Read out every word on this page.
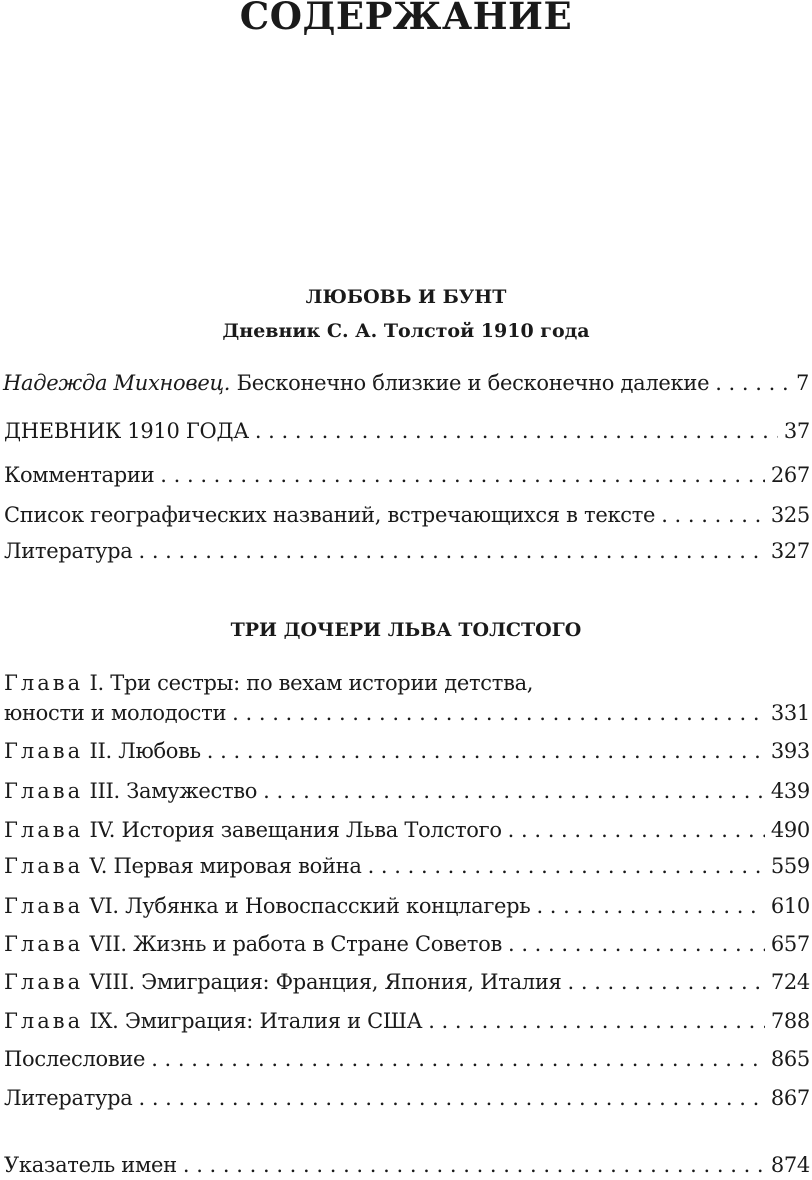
СОДЕРЖАНИЕ
ЛЮБОВЬ И БУНТ
Дневник С. А. Толстой 1910 года
Надежда Михновец. Бесконечно близкие и бесконечно далекие . . .	7
ДНЕВНИК 1910 ГОДА . . .	37
Комментарии . . .	267
Список географических названий, встречающихся в тексте . . .	325
Литература . . .	327
ТРИ ДОЧЕРИ ЛЬВА ТОЛСТОГО
Глава I. Три сестры: по вехам истории детства,
юности и молодости . . .	331
Глава II. Любовь . . .	393
Глава III. Замужество . . .	439
Глава IV. История завещания Льва Толстого . . .	490
Глава V. Первая мировая война . . .	559
Глава VI. Лубянка и Новоспасский концлагерь . . .	610
Глава VII. Жизнь и работа в Стране Советов . . .	657
Глава VIII. Эмиграция: Франция, Япония, Италия . . .	724
Глава IX. Эмиграция: Италия и США . . .	788
Послесловие . . .	865
Литература . . .	867
Указатель имен . . .	874
